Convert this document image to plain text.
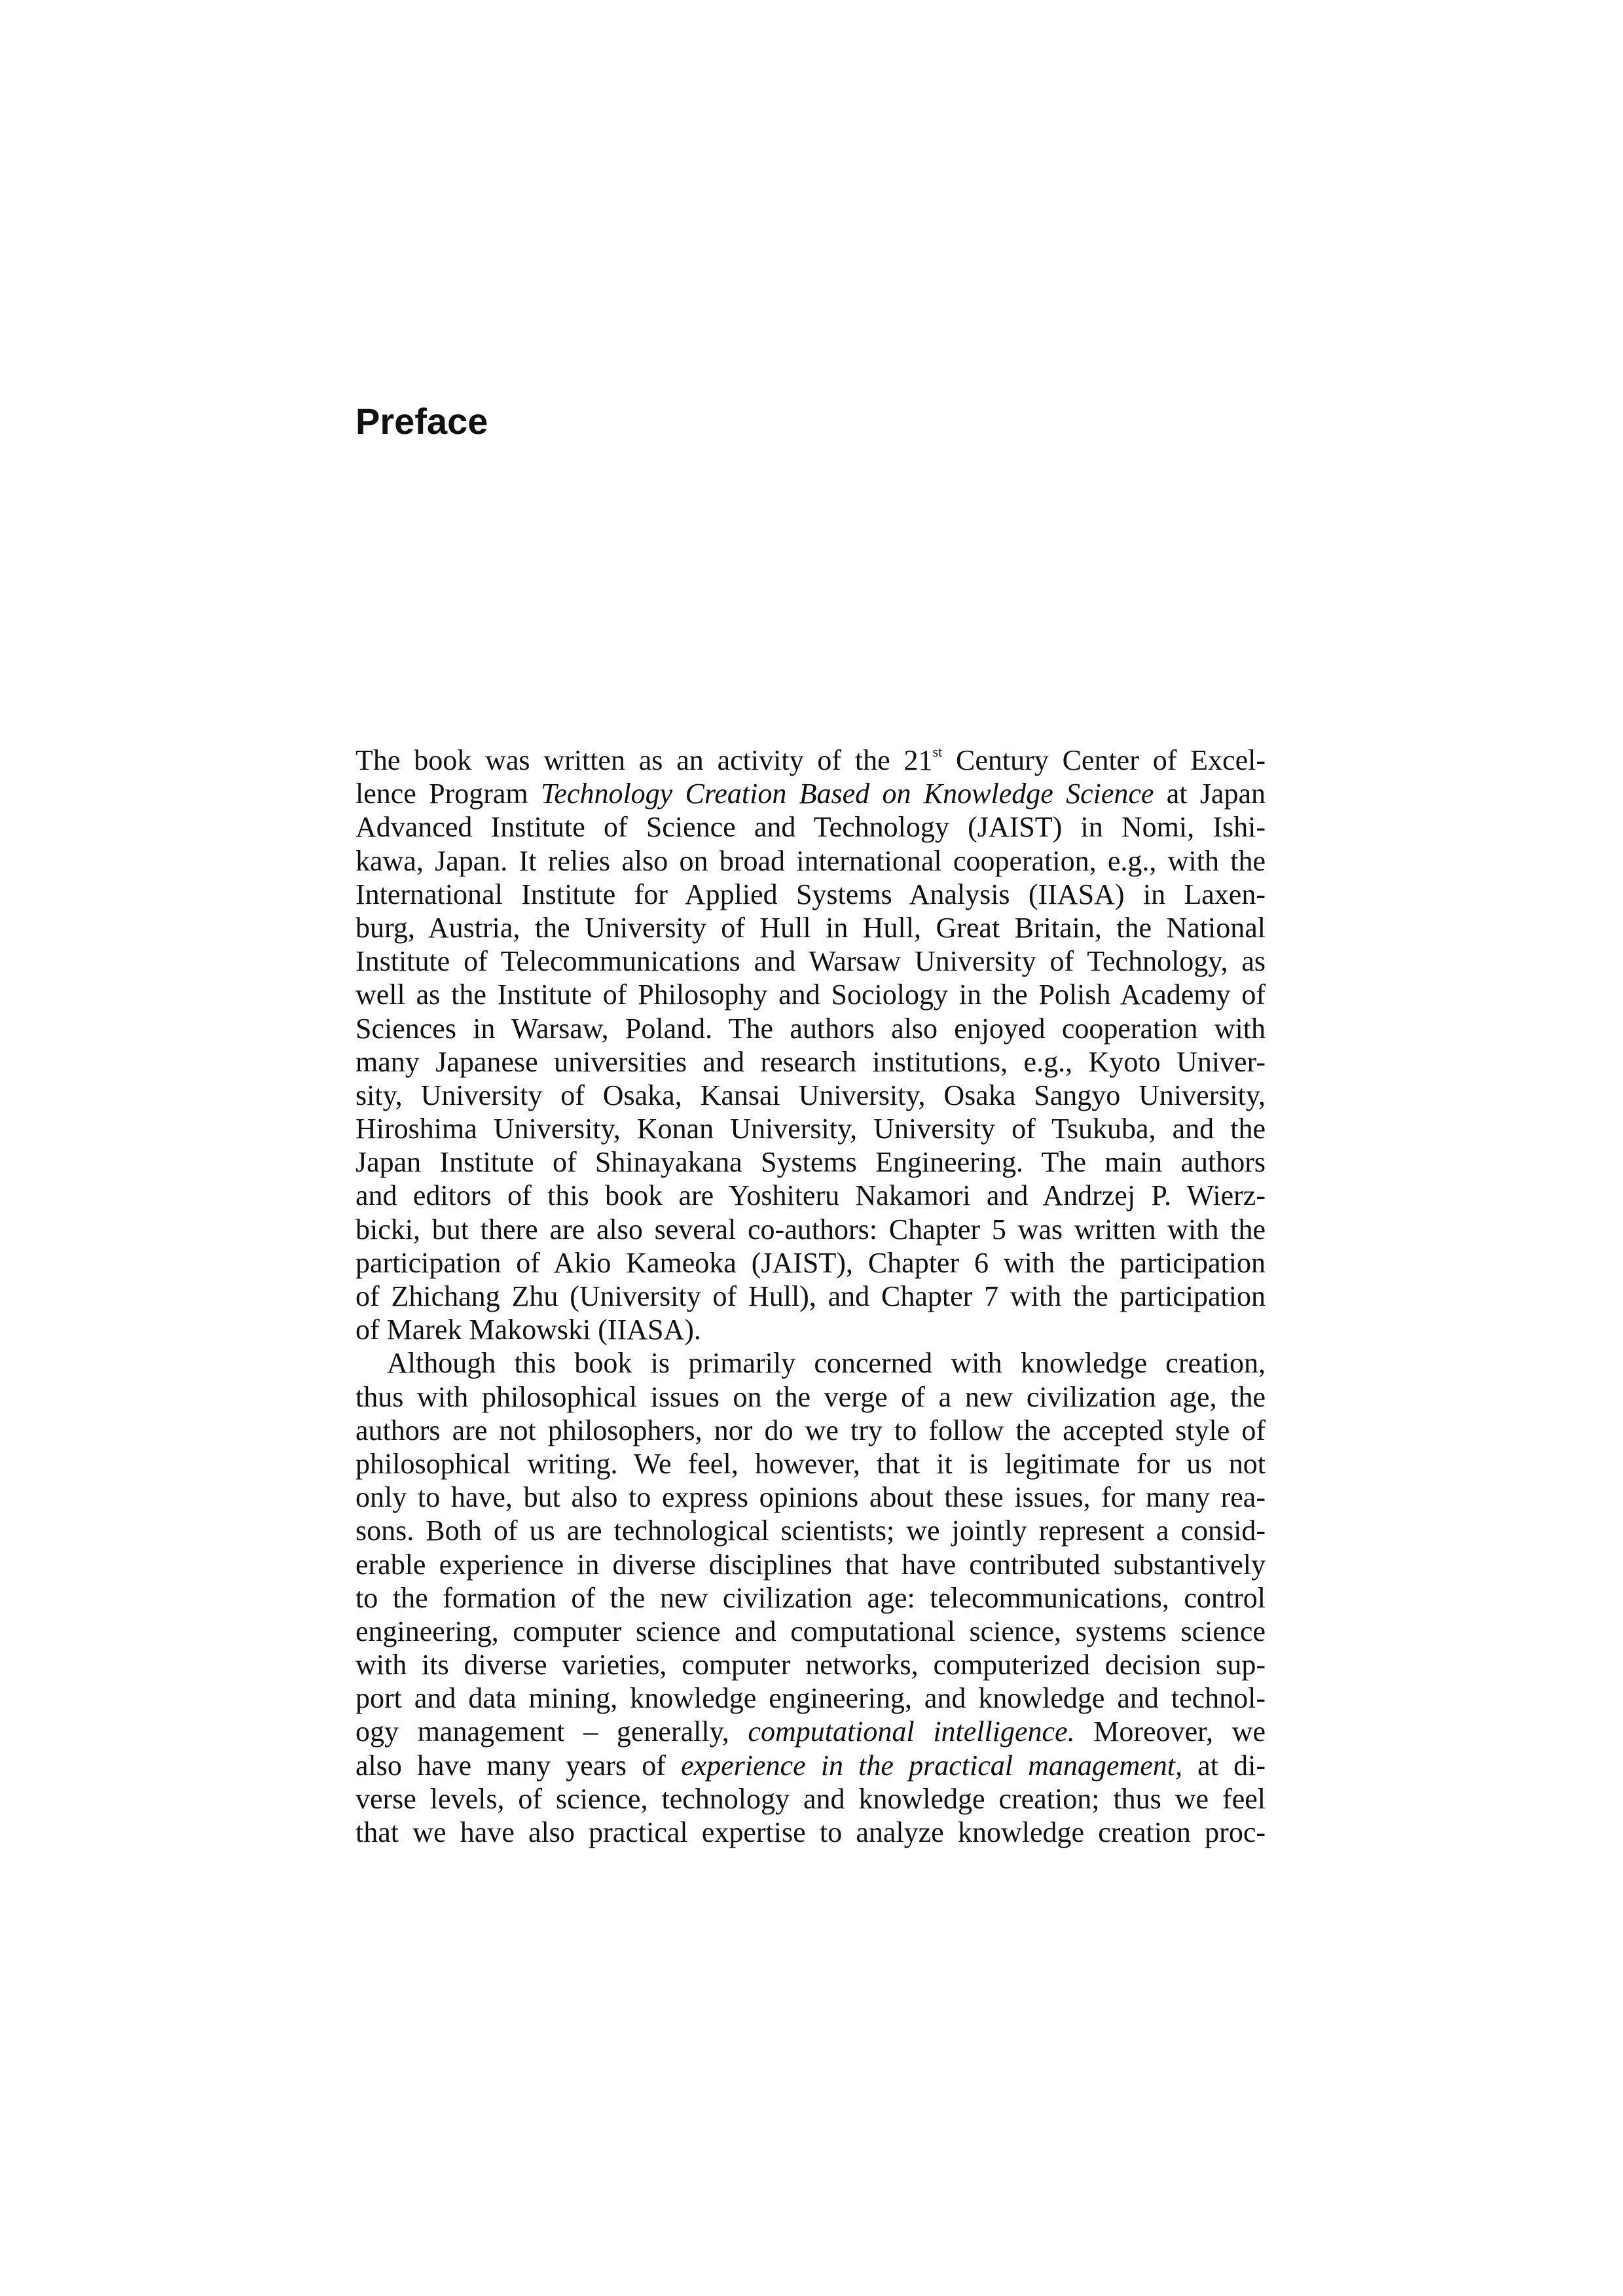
Preface
The book was written as an activity of the 21st Century Center of Excel-
lence Program Technology Creation Based on Knowledge Science at Japan
Advanced Institute of Science and Technology (JAIST) in Nomi, Ishi-
kawa, Japan. It relies also on broad international cooperation, e.g., with the
International Institute for Applied Systems Analysis (IIASA) in Laxen-
burg, Austria, the University of Hull in Hull, Great Britain, the National
Institute of Telecommunications and Warsaw University of Technology, as
well as the Institute of Philosophy and Sociology in the Polish Academy of
Sciences in Warsaw, Poland. The authors also enjoyed cooperation with
many Japanese universities and research institutions, e.g., Kyoto Univer-
sity, University of Osaka, Kansai University, Osaka Sangyo University,
Hiroshima University, Konan University, University of Tsukuba, and the
Japan Institute of Shinayakana Systems Engineering. The main authors
and editors of this book are Yoshiteru Nakamori and Andrzej P. Wierz-
bicki, but there are also several co-authors: Chapter 5 was written with the
participation of Akio Kameoka (JAIST), Chapter 6 with the participation
of Zhichang Zhu (University of Hull), and Chapter 7 with the participation
of Marek Makowski (IIASA).
Although this book is primarily concerned with knowledge creation,
thus with philosophical issues on the verge of a new civilization age, the
authors are not philosophers, nor do we try to follow the accepted style of
philosophical writing. We feel, however, that it is legitimate for us not
only to have, but also to express opinions about these issues, for many rea-
sons. Both of us are technological scientists; we jointly represent a consid-
erable experience in diverse disciplines that have contributed substantively
to the formation of the new civilization age: telecommunications, control
engineering, computer science and computational science, systems science
with its diverse varieties, computer networks, computerized decision sup-
port and data mining, knowledge engineering, and knowledge and technol-
ogy management – generally, computational intelligence. Moreover, we
also have many years of experience in the practical management, at di-
verse levels, of science, technology and knowledge creation; thus we feel
that we have also practical expertise to analyze knowledge creation proc-
